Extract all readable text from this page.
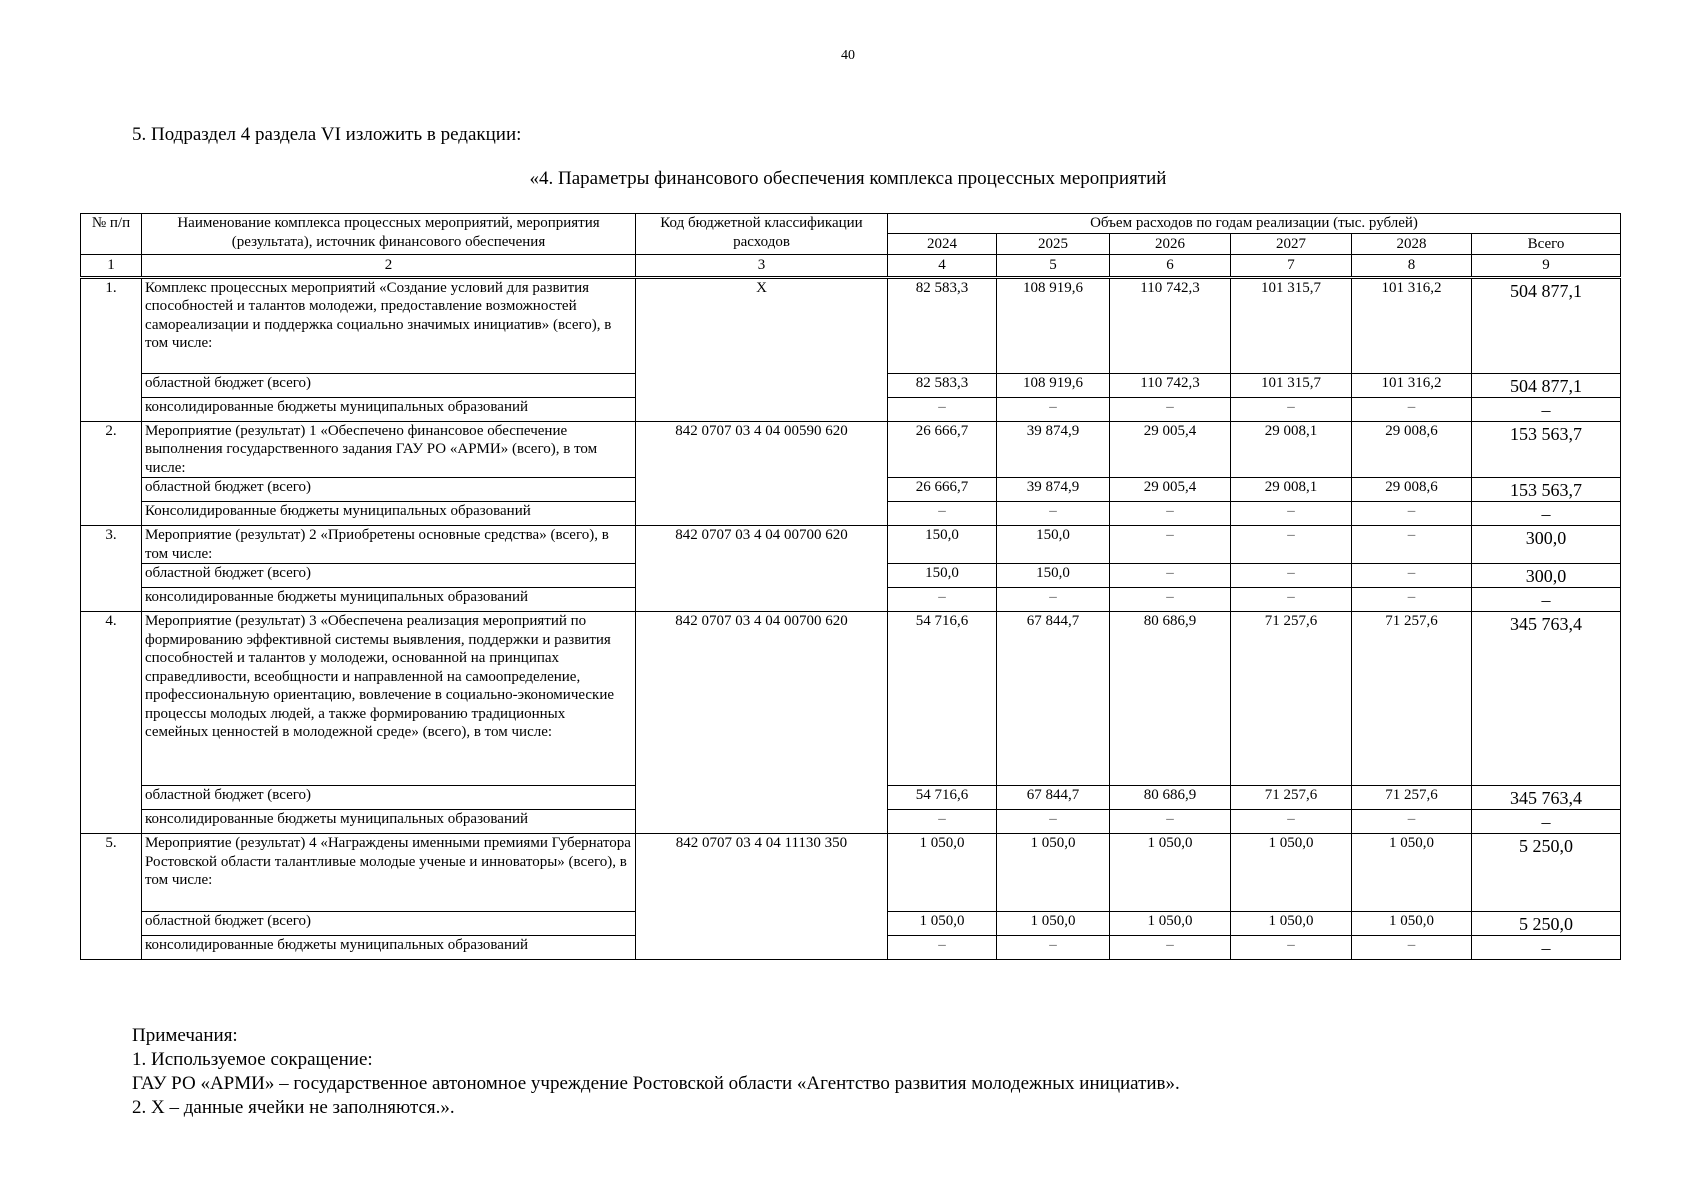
40
5. Подраздел 4 раздела VI изложить в редакции:
«4. Параметры финансового обеспечения комплекса процессных мероприятий
№ п/п	Наименование комплекса процессных мероприятий, мероприятия (результата), источник финансового обеспечения	Код бюджетной классификации расходов	Объем расходов по годам реализации (тыс. рублей)					
			2024	2025	2026	2027	2028	Всего
1	2	3	4	5	6	7	8	9
1.	Комплекс процессных мероприятий «Создание условий для развития способностей и талантов молодежи, предоставление возможностей самореализации и поддержка социально значимых инициатив» (всего), в том числе:	X	82 583,3	108 919,6	110 742,3	101 315,7	101 316,2	504 877,1
	областной бюджет (всего)		82 583,3	108 919,6	110 742,3	101 315,7	101 316,2	504 877,1
	консолидированные бюджеты муниципальных образований		–	–	–	–	–	–
2.	Мероприятие (результат) 1 «Обеспечено финансовое обеспечение выполнения государственного задания ГАУ РО «АРМИ» (всего), в том числе:	842 0707 03 4 04 00590 620	26 666,7	39 874,9	29 005,4	29 008,1	29 008,6	153 563,7
	областной бюджет (всего)		26 666,7	39 874,9	29 005,4	29 008,1	29 008,6	153 563,7
	Консолидированные бюджеты муниципальных образований		–	–	–	–	–	–
3.	Мероприятие (результат) 2 «Приобретены основные средства» (всего), в том числе:	842 0707 03 4 04 00700 620	150,0	150,0	–	–	–	300,0
	областной бюджет (всего)		150,0	150,0	–	–	–	300,0
	консолидированные бюджеты муниципальных образований		–	–	–	–	–	–
4.	Мероприятие (результат) 3 «Обеспечена реализация мероприятий по формированию эффективной системы выявления, поддержки и развития способностей и талантов у молодежи, основанной на принципах справедливости, всеобщности и направленной на самоопределение, профессиональную ориентацию, вовлечение в социально-экономические процессы молодых людей, а также формированию традиционных семейных ценностей в молодежной среде» (всего), в том числе:	842 0707 03 4 04 00700 620	54 716,6	67 844,7	80 686,9	71 257,6	71 257,6	345 763,4
	областной бюджет (всего)		54 716,6	67 844,7	80 686,9	71 257,6	71 257,6	345 763,4
	консолидированные бюджеты муниципальных образований		–	–	–	–	–	–
5.	Мероприятие (результат) 4 «Награждены именными премиями Губернатора Ростовской области талантливые молодые ученые и инноваторы» (всего), в том числе:	842 0707 03 4 04 11130 350	1 050,0	1 050,0	1 050,0	1 050,0	1 050,0	5 250,0
	областной бюджет (всего)		1 050,0	1 050,0	1 050,0	1 050,0	1 050,0	5 250,0
	консолидированные бюджеты муниципальных образований		–	–	–	–	–	–
Примечания:
1. Используемое сокращение:
ГАУ РО «АРМИ» – государственное автономное учреждение Ростовской области «Агентство развития молодежных инициатив».
2. X – данные ячейки не заполняются.».
